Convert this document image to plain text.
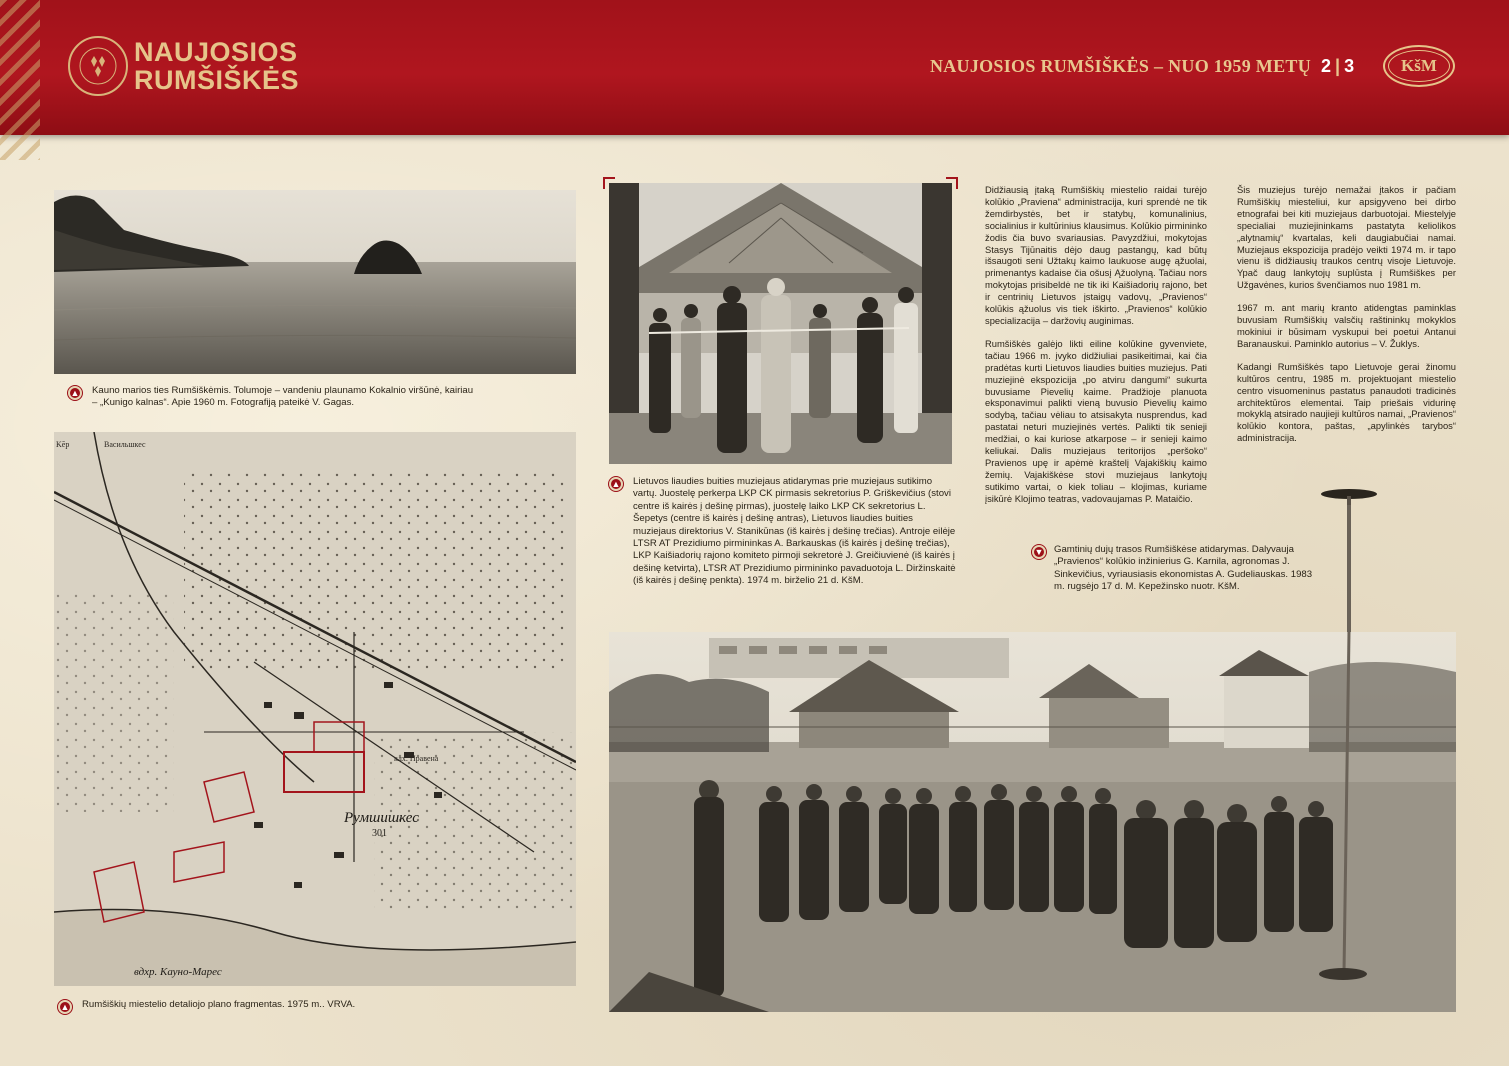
NAUJOSIOS
RUMŠIŠKĖS	NAUJOSIOS RUMŠIŠKĖS – NUO 1959 METŲ 2 | 3	KšM
▲ Kauno marios ties Rumšiškėmis. Tolumoje – vandeniu plaunamo Kokalnio viršūnė, kairiau – „Kunigo kalnas“. Apie 1960 m. Fotografiją pateikė V. Gagas.
Васильшкес
Kēp
клх. Правена
Румшишкес
301
вдхр. Кауно-Марес
▲ Rumšiškių miestelio detaliojo plano fragmentas. 1975 m.. VRVA.
▲ Lietuvos liaudies buities muziejaus atidarymas prie muziejaus sutikimo vartų. Juostelę perkerpa LKP CK pirmasis sekretorius P. Griškevičius (stovi centre iš kairės į dešinę pirmas), juostelę laiko LKP CK sekretorius L. Šepetys (centre iš kairės į dešinę antras), Lietuvos liaudies buities muziejaus direktorius V. Stanikūnas (iš kairės į dešinę trečias). Antroje eilėje LTSR AT Prezidiumo pirmininkas A. Barkauskas (iš kairės į dešinę trečias), LKP Kaišiadorių rajono komiteto pirmoji sekretorė J. Greičiuvienė (iš kairės į dešinę ketvirta), LTSR AT Prezidiumo pirmininko pavaduotoja L. Diržinskaitė (iš kairės į dešinę penkta). 1974 m. birželio 21 d. KšM.

Didžiausią įtaką Rumšiškių miestelio raidai turėjo kolūkio „Praviena“ administracija, kuri sprendė ne tik žemdirbystės, bet ir statybų, komunalinius, socialinius ir kultūrinius klausimus. Kolūkio pirmininko žodis čia buvo svariausias. Pavyzdžiui, mokytojas Stasys Tijūnaitis dėjo daug pastangų, kad būtų išsaugoti seni Užtakų kaimo laukuose augę ąžuolai, primenantys kadaise čia ošusį Ąžuolyną. Tačiau nors mokytojas prisibeldė ne tik iki Kaišiadorių rajono, bet ir centrinių Lietuvos įstaigų vadovų, „Pravienos“ kolūkis ąžuolus vis tiek iškirto. „Pravienos“ kolūkio specializacija – daržovių auginimas.

Rumšiškės galėjo likti eiline kolūkine gyvenviete, tačiau 1966 m. įvyko didžiuliai pasikeitimai, kai čia pradėtas kurti Lietuvos liaudies buities muziejus. Pati muziejinė ekspozicija „po atviru dangumi“ sukurta buvusiame Pievelių kaime. Pradžioje planuota eksponavimui palikti vieną buvusio Pievelių kaimo sodybą, tačiau vėliau to atsisakyta nusprendus, kad pastatai neturi muziejinės vertės. Palikti tik senieji medžiai, o kai kuriose atkarpose – ir senieji kaimo keliukai. Dalis muziejaus teritorijos „peršoko“ Pravienos upę ir apėmė kraštelį Vajakiškių kaimo žemių. Vajakiškėse stovi muziejaus lankytojų sutikimo vartai, o kiek toliau – klojimas, kuriame įsikūrė Klojimo teatras, vadovaujamas P. Mataičio.

Šis muziejus turėjo nemažai įtakos ir pačiam Rumšiškių miesteliui, kur apsigyveno bei dirbo etnografai bei kiti muziejaus darbuotojai. Miestelyje specialiai muziejininkams pastatyta keliolikos „alytnamių“ kvartalas, keli daugiabučiai namai. Muziejaus ekspozicija pradėjo veikti 1974 m. ir tapo vienu iš didžiausių traukos centrų visoje Lietuvoje. Ypač daug lankytojų suplūsta į Rumšiškes per Užgavėnes, kurios švenčiamos nuo 1981 m.

1967 m. ant marių kranto atidengtas paminklas buvusiam Rumšiškių valsčių raštininkų mokyklos mokiniui ir būsimam vyskupui bei poetui Antanui Baranauskui. Paminklo autorius – V. Žuklys.

Kadangi Rumšiškės tapo Lietuvoje gerai žinomu kultūros centru, 1985 m. projektuojant miestelio centro visuomeninus pastatus panaudoti tradicinės architektūros elementai. Taip priešais vidurinę mokyklą atsirado naujieji kultūros namai, „Pravienos“ kolūkio kontora, paštas, „apylinkės tarybos“ administracija.

▼ Gamtinių dujų trasos Rumšiškėse atidarymas. Dalyvauja „Pravienos“ kolūkio inžinierius G. Karnila, agronomas J. Sinkevičius, vyriausiasis ekonomistas A. Gudeliauskas. 1983 m. rugsėjo 17 d. M. Kepežinsko nuotr. KšM.
